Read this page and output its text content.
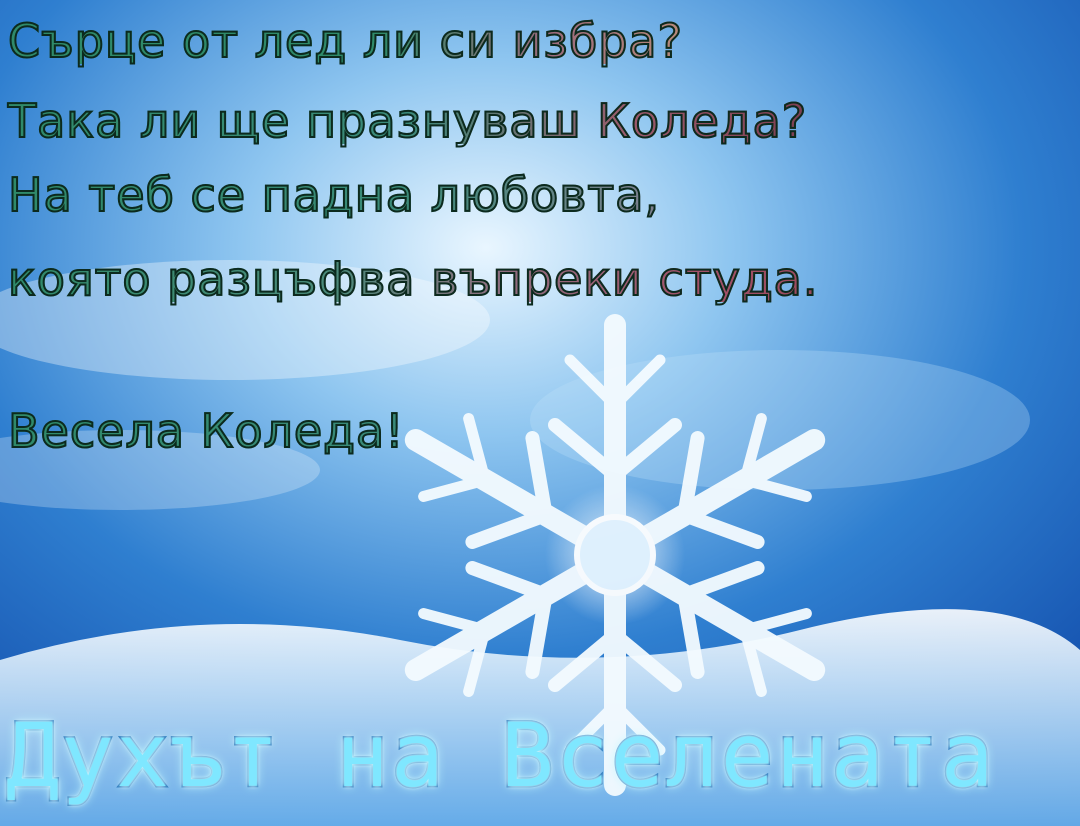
Сърце от лед ли си избра?

Така ли ще празнуваш Коледа?

На теб се падна любовта,

която разцъфва въпреки студа.

Весела Коледа!

Духът на Вселената
